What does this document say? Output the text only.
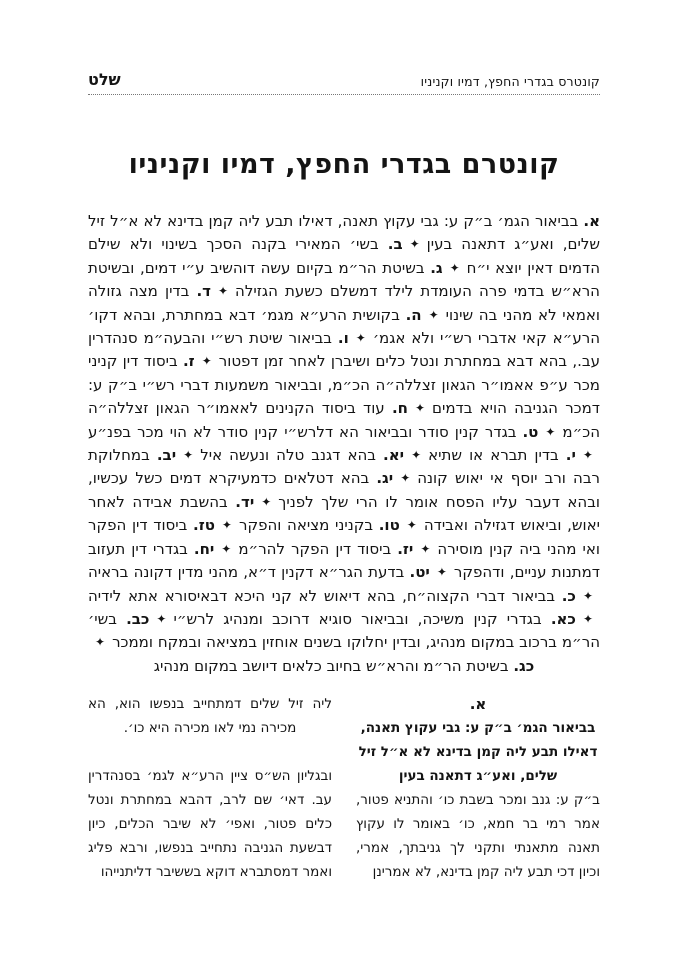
קונטרס בגדרי החפץ, דמיו וקניניו
שלט
קונטרם בגדרי החפץ, דמיו וקניניו

א. בביאור הגמ׳ ב״ק ע: גבי עקוץ תאנה, דאילו תבע ליה קמן בדינא לא א״ל זיל שלים, ואע״ג דתאנה בעין✦ב. בשי׳ המאירי בקנה הסכך בשינוי ולא שילם הדמים דאין יוצא י״ח✦ג. בשיטת הר״מ בקיום עשה דוהשיב ע״י דמים, ובשיטת הרא״ש בדמי פרה העומדת לילד דמשלם כשעת הגזילה✦ד. בדין מצה גזולה ואמאי לא מהני בה שינוי✦ה. בקושית הרע״א מגמ׳ דבא במחתרת, ובהא דקו׳ הרע״א קאי אדברי רש״י ולא אגמ׳✦ו. בביאור שיטת רש״י והבעה״מ סנהדרין עב., בהא דבא במחתרת ונטל כלים ושיברן לאחר זמן דפטור✦ז. ביסוד דין קניני מכר ע״פ אאמו״ר הגאון זצללה״ה הכ״מ, ובביאור משמעות דברי רש״י ב״ק ע: דמכר הגניבה הויא בדמים✦ח. עוד ביסוד הקנינים לאאמו״ר הגאון זצללה״ה הכ״מ✦ט. בגדר קנין סודר ובביאור הא דלרש״י קנין סודר לא הוי מכר בפנ״ע✦י. בדין תברא או שתיא✦יא. בהא דגנב טלה ונעשה איל✦יב. במחלוקת רבה ורב יוסף אי יאוש קונה✦יג. בהא דטלאים כדמעיקרא דמים כשל עכשיו, ובהא דעבר עליו הפסח אומר לו הרי שלך לפניך✦יד. בהשבת אבידה לאחר יאוש, וביאוש דגזילה ואבידה✦טו. בקניני מציאה והפקר✦טז. ביסוד דין הפקר ואי מהני ביה קנין מוסירה✦יז. ביסוד דין הפקר להר״מ✦יח. בגדרי דין תעזוב דמתנות עניים, ודהפקר✦יט. בדעת הגר״א דקנין ד״א, מהני מדין דקונה בראיה✦כ. בביאור דברי הקצוה״ח, בהא דיאוש לא קני היכא דבאיסורא אתא לידיה✦כא. בגדרי קנין משיכה, ובביאור סוגיא דרוכב ומנהיג לרש״י✦כב. בשי׳ הר״מ ברכוב במקום מנהיג, ובדין יחלוקו בשנים אוחזין במציאה ובמקח וממכר✦כג. בשיטת הר״מ והרא״ש בחיוב כלאים דיושב במקום מנהיג

א.
בביאור הגמ׳ ב״ק ע: גבי עקוץ תאנה,
דאילו תבע ליה קמן בדינא לא א״ל זיל
שלים, ואע״ג דתאנה בעין

ב״ק ע: גנב ומכר בשבת כו׳ והתניא פטור, אמר רמי בר חמא, כו׳ באומר לו עקוץ תאנה מתאנתי ותקני לך גניבתך, אמרי, וכיון דכי תבע ליה קמן בדינא, לא אמרינן

ליה זיל שלים דמתחייב בנפשו הוא, הא מכירה נמי לאו מכירה היא כו׳.

ובגליון הש״ס ציין הרע״א לגמ׳ בסנהדרין עב. דאי׳ שם לרב, דהבא במחתרת ונטל כלים פטור, ואפי׳ לא שיבר הכלים, כיון דבשעת הגניבה נתחייב בנפשו, ורבא פליג ואמר דמסתברא דוקא בששיבר דליתנייהו
